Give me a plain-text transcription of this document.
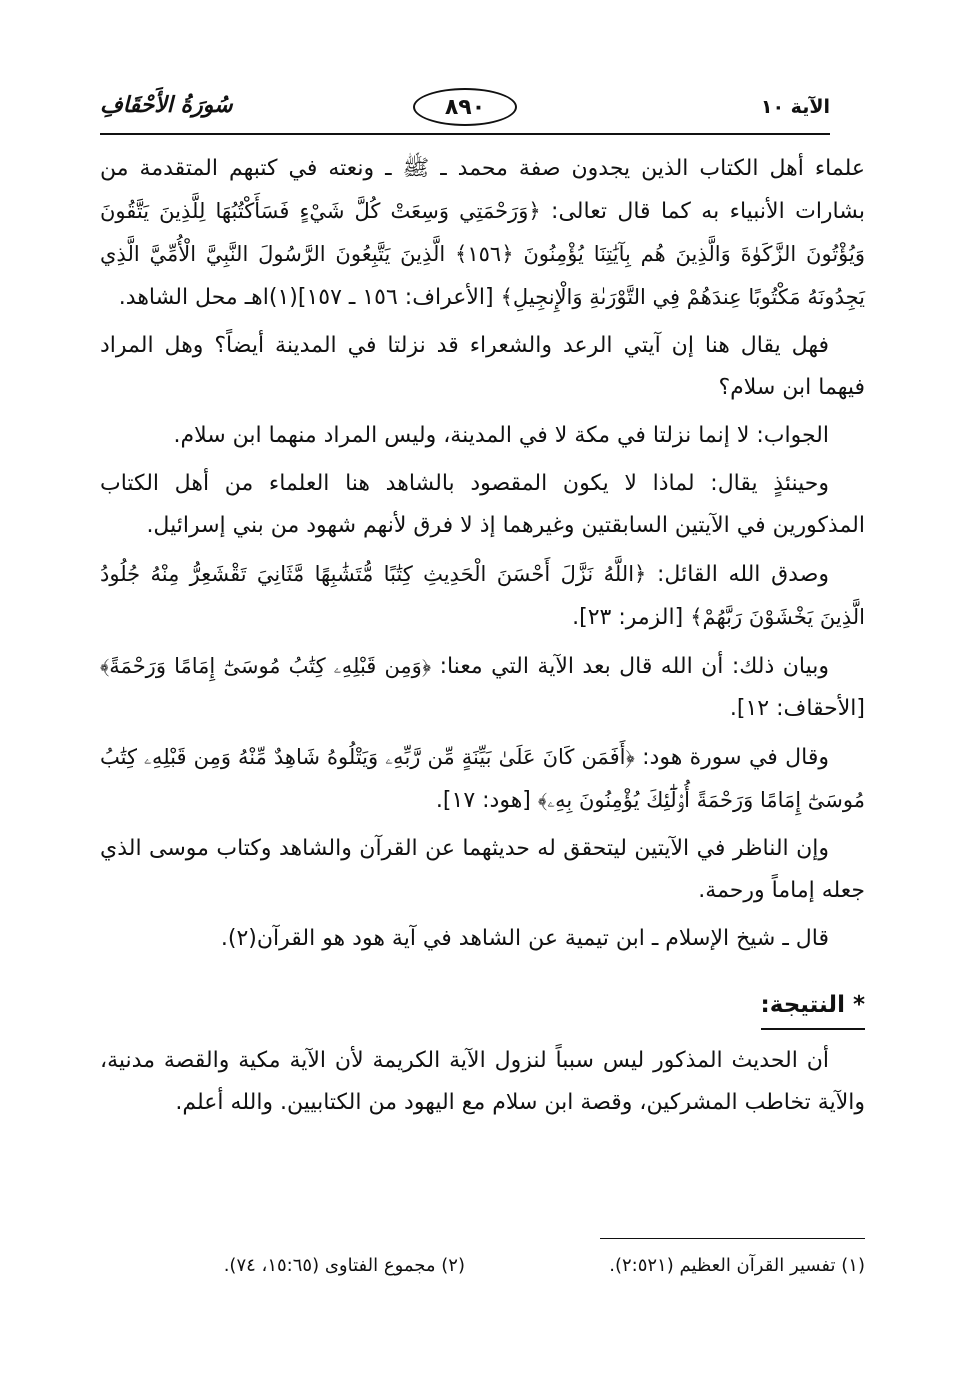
الآية ١٠
٨٩٠
سُورَةُ الأَحْقَافِ

علماء أهل الكتاب الذين يجدون صفة محمد ـ ﷺ ـ ونعته في كتبهم المتقدمة من بشارات الأنبياء به كما قال تعالى: ﴿وَرَحْمَتِي وَسِعَتْ كُلَّ شَيْءٍ فَسَأَكْتُبُهَا لِلَّذِينَ يَتَّقُونَ وَيُؤْتُونَ الزَّكَوٰةَ وَالَّذِينَ هُم بِآيَٰتِنَا يُؤْمِنُونَ ﴿١٥٦﴾ الَّذِينَ يَتَّبِعُونَ الرَّسُولَ النَّبِيَّ الْأُمِّيَّ الَّذِي يَجِدُونَهُ مَكْتُوبًا عِندَهُمْ فِي التَّوْرَىٰةِ وَالْإِنجِيلِ﴾ [الأعراف: ١٥٦ ـ ١٥٧](١)اهـ محل الشاهد.

فهل يقال هنا إن آيتي الرعد والشعراء قد نزلتا في المدينة أيضاً؟ وهل المراد فيهما ابن سلام؟

الجواب: لا إنما نزلتا في مكة لا في المدينة، وليس المراد منهما ابن سلام.

وحينئذٍ يقال: لماذا لا يكون المقصود بالشاهد هنا العلماء من أهل الكتاب المذكورين في الآيتين السابقتين وغيرهما إذ لا فرق لأنهم شهود من بني إسرائيل.

وصدق الله القائل: ﴿اللَّهُ نَزَّلَ أَحْسَنَ الْحَدِيثِ كِتَٰبًا مُّتَشَٰبِهًا مَّثَانِيَ تَقْشَعِرُّ مِنْهُ جُلُودُ الَّذِينَ يَخْشَوْنَ رَبَّهُمْ﴾ [الزمر: ٢٣].

وبيان ذلك: أن الله قال بعد الآية التي معنا: ﴿وَمِن قَبْلِهِۦ كِتَٰبُ مُوسَىٰٓ إِمَامًا وَرَحْمَةً﴾ [الأحقاف: ١٢].

وقال في سورة هود: ﴿أَفَمَن كَانَ عَلَىٰ بَيِّنَةٍ مِّن رَّبِّهِۦ وَيَتْلُوهُ شَاهِدٌ مِّنْهُ وَمِن قَبْلِهِۦ كِتَٰبُ مُوسَىٰٓ إِمَامًا وَرَحْمَةً أُو۟لَٰٓئِكَ يُؤْمِنُونَ بِهِۦ﴾ [هود: ١٧].

وإن الناظر في الآيتين ليتحقق له حديثهما عن القرآن والشاهد وكتاب موسى الذي جعله إماماً ورحمة.

قال ـ شيخ الإسلام ـ ابن تيمية عن الشاهد في آية هود هو القرآن(٢).

* النتيجة:

أن الحديث المذكور ليس سبباً لنزول الآية الكريمة لأن الآية مكية والقصة مدنية، والآية تخاطب المشركين، وقصة ابن سلام مع اليهود من الكتابيين. والله أعلم.

(١) تفسير القرآن العظيم (٢:٥٢١).
(٢) مجموع الفتاوى (١٥:٦٥، ٧٤).
